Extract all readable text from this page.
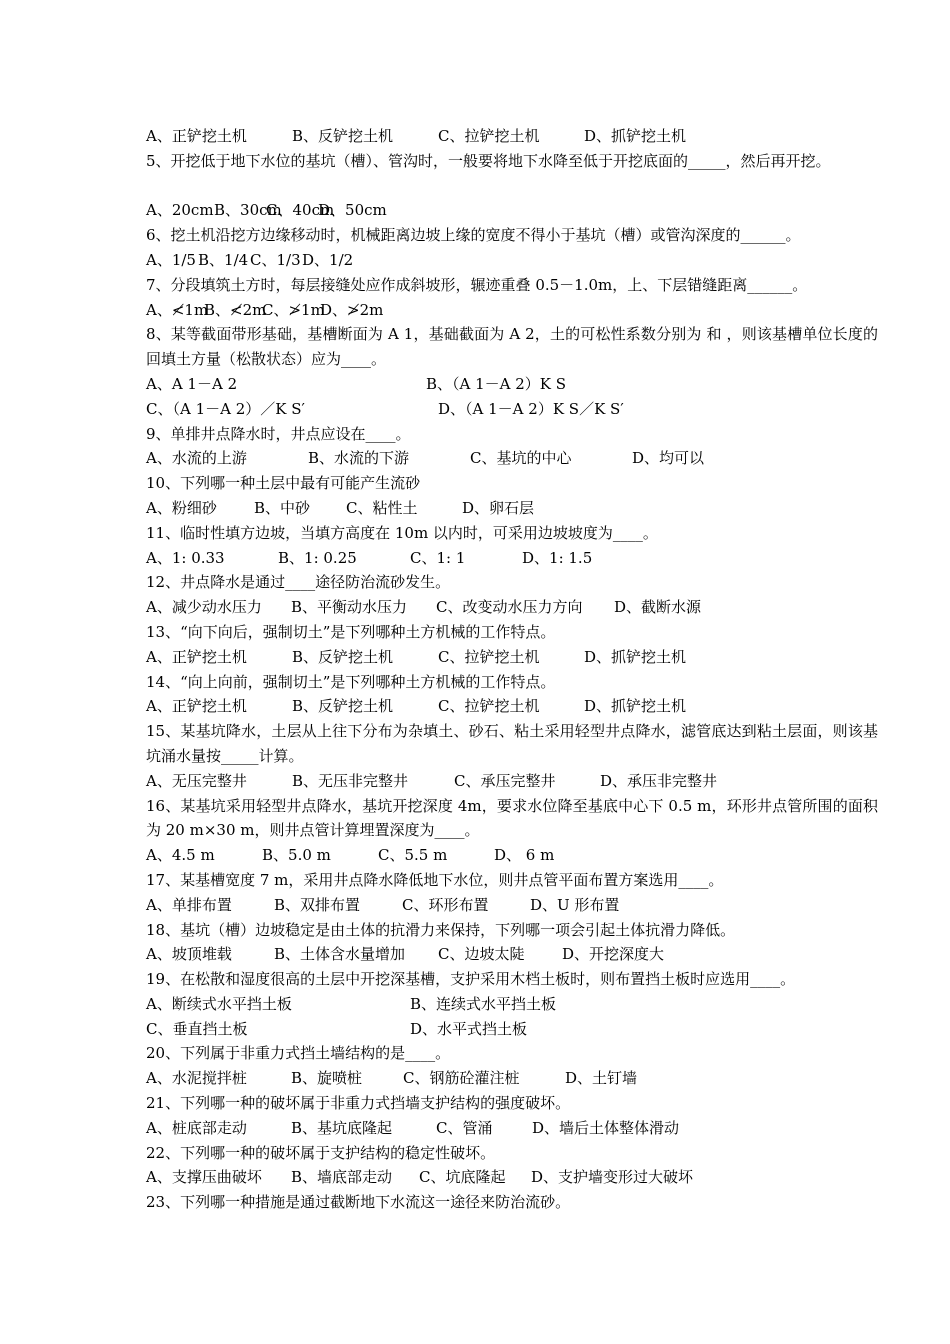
A、正铲挖土机	B、反铲挖土机	C、拉铲挖土机	D、抓铲挖土机
5、开挖低于地下水位的基坑（槽）、管沟时，一般要将地下水降至低于开挖底面的_____，然后再开挖。
A、20cm B、30cm
C、40cm
D、50cm
6、挖土机沿挖方边缘移动时，机械距离边坡上缘的宽度不得小于基坑（槽）或管沟深度的______。
A、1/5 B、1/4 C、1/3 D、1/2
7、分段填筑土方时，每层接缝处应作成斜坡形，辗迹重叠 0.5－1.0m，上、下层错缝距离______。
A、≮1m
B、≮2m
C、≯1m
D、≯2m
8、某等截面带形基础，基槽断面为 A 1，基础截面为 A 2，土的可松性系数分别为 和 ，则该基槽单位长度的回填土方量（松散状态）应为____。
A、A 1－A 2	B、（A 1－A 2）K S
C、（A 1－A 2）／K S′	D、（A 1－A 2）K S／K S′
9、单排井点降水时，井点应设在____。
A、水流的上游	B、水流的下游	C、基坑的中心	D、均可以
10、下列哪一种土层中最有可能产生流砂
A、粉细砂	B、中砂	C、粘性土	D、卵石层
11、临时性填方边坡，当填方高度在 10m 以内时，可采用边坡坡度为____。
A、1: 0.33	B、1: 0.25	C、1: 1	D、1: 1.5
12、井点降水是通过____途径防治流砂发生。
A、减少动水压力	B、平衡动水压力	C、改变动水压力方向	D、截断水源
13、“向下向后，强制切土”是下列哪种土方机械的工作特点。
A、正铲挖土机	B、反铲挖土机	C、拉铲挖土机	D、抓铲挖土机
14、“向上向前，强制切土”是下列哪种土方机械的工作特点。
A、正铲挖土机	B、反铲挖土机	C、拉铲挖土机	D、抓铲挖土机
15、某基坑降水，土层从上往下分布为杂填土、砂石、粘土采用轻型井点降水，滤管底达到粘土层面，则该基坑涌水量按_____计算。
A、无压完整井	B、无压非完整井	C、承压完整井	D、承压非完整井
16、某基坑采用轻型井点降水，基坑开挖深度 4m，要求水位降至基底中心下 0.5 m，环形井点管所围的面积为 20 m×30 m，则井点管计算埋置深度为____。
A、4.5 m	B、5.0 m	C、5.5 m	D、 6 m
17、某基槽宽度 7 m，采用井点降水降低地下水位，则井点管平面布置方案选用____。
A、单排布置	B、双排布置	C、环形布置	D、U 形布置
18、基坑（槽）边坡稳定是由土体的抗滑力来保持，下列哪一项会引起土体抗滑力降低。
A、坡顶堆载	B、土体含水量增加	C、边坡太陡	D、开挖深度大
19、在松散和湿度很高的土层中开挖深基槽，支护采用木档土板时，则布置挡土板时应选用____。
A、断续式水平挡土板	B、连续式水平挡土板
C、垂直挡土板	D、水平式挡土板
20、下列属于非重力式挡土墙结构的是____。
A、水泥搅拌桩	B、旋喷桩	C、钢筋砼灌注桩	D、土钉墙
21、下列哪一种的破坏属于非重力式挡墙支护结构的强度破坏。
A、桩底部走动	B、基坑底隆起	C、管涌	D、墙后土体整体滑动
22、下列哪一种的破坏属于支护结构的稳定性破坏。
A、支撑压曲破坏	B、墙底部走动	C、坑底隆起	D、支护墙变形过大破坏
23、下列哪一种措施是通过截断地下水流这一途径来防治流砂。
